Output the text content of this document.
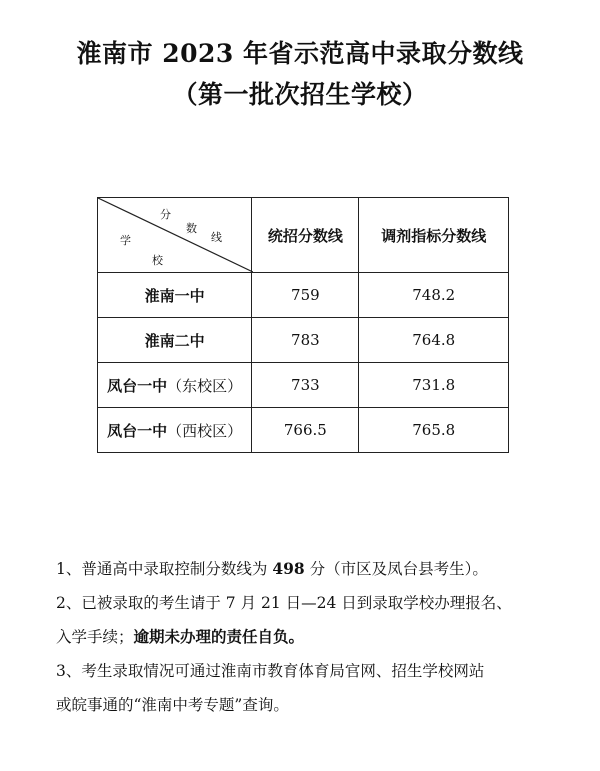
淮南市 2023 年省示范高中录取分数线
（第一批次招生学校）
分
数
线
学
校	统招分数线	调剂指标分数线
淮南一中	759	748.2
淮南二中	783	764.8
凤台一中（东校区）	733	731.8
凤台一中（西校区）	766.5	765.8

1、普通高中录取控制分数线为 498 分（市区及凤台县考生）。

2、已被录取的考生请于 7 月 21 日—24 日到录取学校办理报名、

入学手续；逾期未办理的责任自负。

3、考生录取情况可通过淮南市教育体育局官网、招生学校网站

或皖事通的“淮南中考专题”查询。
